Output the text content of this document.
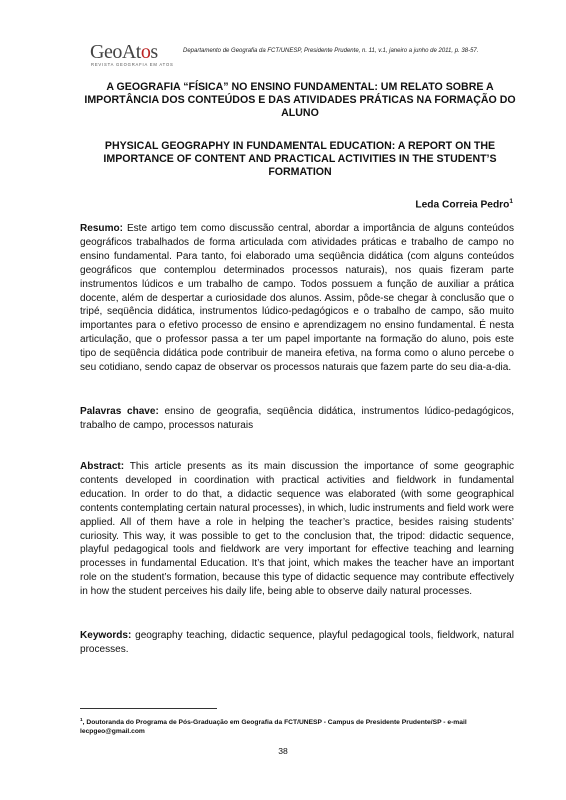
GeoAtos
REVISTA GEOGRAFIA EM ATOS
Departamento de Geografia da FCT/UNESP, Presidente Prudente, n. 11, v.1, janeiro a junho de 2011, p. 38-57.
A GEOGRAFIA “FÍSICA” NO ENSINO FUNDAMENTAL: UM RELATO SOBRE A IMPORTÂNCIA DOS CONTEÚDOS E DAS ATIVIDADES PRÁTICAS NA FORMAÇÃO DO ALUNO
PHYSICAL GEOGRAPHY IN FUNDAMENTAL EDUCATION: A REPORT ON THE IMPORTANCE OF CONTENT AND PRACTICAL ACTIVITIES IN THE STUDENT’S FORMATION
Leda Correia Pedro$^1$

Resumo: Este artigo tem como discussão central, abordar a importância de alguns conteúdos geográficos trabalhados de forma articulada com atividades práticas e trabalho de campo no ensino fundamental. Para tanto, foi elaborado uma seqüência didática (com alguns conteúdos geográficos que contemplou determinados processos naturais), nos quais fizeram parte instrumentos lúdicos e um trabalho de campo. Todos possuem a função de auxiliar a prática docente, além de despertar a curiosidade dos alunos. Assim, pôde-se chegar à conclusão que o tripé, seqüência didática, instrumentos lúdico-pedagógicos e o trabalho de campo, são muito importantes para o efetivo processo de ensino e aprendizagem no ensino fundamental. É nesta articulação, que o professor passa a ter um papel importante na formação do aluno, pois este tipo de seqüência didática pode contribuir de maneira efetiva, na forma como o aluno percebe o seu cotidiano, sendo capaz de observar os processos naturais que fazem parte do seu dia-a-dia.

Palavras chave: ensino de geografia, seqüência didática, instrumentos lúdico-pedagógicos, trabalho de campo, processos naturais

Abstract: This article presents as its main discussion the importance of some geographic contents developed in coordination with practical activities and fieldwork in fundamental education. In order to do that, a didactic sequence was elaborated (with some geographical contents contemplating certain natural processes), in which, ludic instruments and field work were applied. All of them have a role in helping the teacher’s practice, besides raising students’ curiosity. This way, it was possible to get to the conclusion that, the tripod: didactic sequence, playful pedagogical tools and fieldwork are very important for effective teaching and learning processes in fundamental Education. It’s that joint, which makes the teacher have an important role on the student’s formation, because this type of didactic sequence may contribute effectively in how the student perceives his daily life, being able to observe daily natural processes.

Keywords: geography teaching, didactic sequence, playful pedagogical tools, fieldwork, natural processes.

$^1$, Doutoranda do Programa de Pós-Graduação em Geografia da FCT/UNESP - Campus de Presidente Prudente/SP - e-mail lecpgeo@gmail.com

38
